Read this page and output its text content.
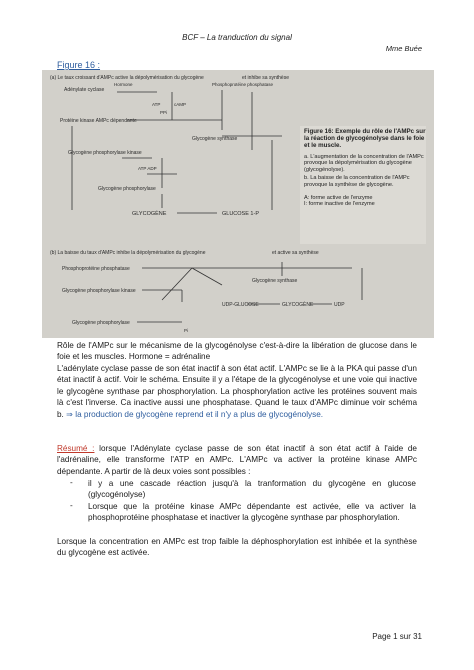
BCF – La tranduction du signal
Mme Buée
Figure 16 :
(a) Le taux croissant d'AMPc active la dépolymérisation du glycogène	et inhibe sa synthèse
Adénylate cyclase
Hormone	Phosphoprotéine phosphatase
ATP	cAMP
PPi
Protéine kinase AMPc dépendante
Glycogène synthase
Glycogène phosphorylase kinase
ATP ADP
Glycogène phosphorylase
GLYCOGÈNE	GLUCOSE 1-P
Figure 16: Exemple du rôle de l'AMPc sur la réaction de glycogénolyse dans le foie et le muscle.
a. L'augmentation de la concentration de l'AMPc provoque la dépolymérisation du glycogène (glycogénolyse).
b. La baisse de la concentration de l'AMPc provoque la synthèse de glycogène.
A: forme active de l'enzyme
I: forme inactive de l'enzyme
(b) La baisse du taux d'AMPc inhibe la dépolymérisation du glycogène	et active sa synthèse
Phosphoprotéine phosphatase
Glycogène synthase
Glycogène phosphorylase kinase
UDP-GLUCOSE	GLYCOGÈNE	UDP
Glycogène phosphorylase
Pi
Rôle de l'AMPc sur le mécanisme de la glycogénolyse c'est-à-dire la libération de glucose dans le foie et les muscles. Hormone = adrénaline
L'adénylate cyclase passe de son état inactif à son état actif. L'AMPc se lie à la PKA qui passe d'un état inactif à actif. Voir le schéma. Ensuite il y a l'étape de la glycogénolyse et une voie qui inactive le glycogène synthase par phosphorylation. La phosphorylation active les protéines souvent mais là c'est l'inverse. Ca inactive aussi une phosphatase. Quand le taux d'AMPc diminue voir schéma b. ⇒ la production de glycogène reprend et il n'y a plus de glycogénolyse.
Résumé : lorsque l'Adénylate cyclase passe de son état inactif à son état actif à l'aide de l'adrénaline, elle transforme l'ATP en AMPc. L'AMPc va activer la protéine kinase AMPc dépendante. A partir de là deux voies sont possibles :
- il y a une cascade réaction jusqu'à la tranformation du glycogène en glucose (glycogénolyse)
- Lorsque que la protéine kinase AMPc dépendante est activée, elle va activer la phosphoprotéine phosphatase et inactiver la glycogène synthase par phosphorylation.
Lorsque la concentration en AMPc est trop faible la déphosphorylation est inhibée et la synthèse du glycogène est activée.
Page 1 sur 31
